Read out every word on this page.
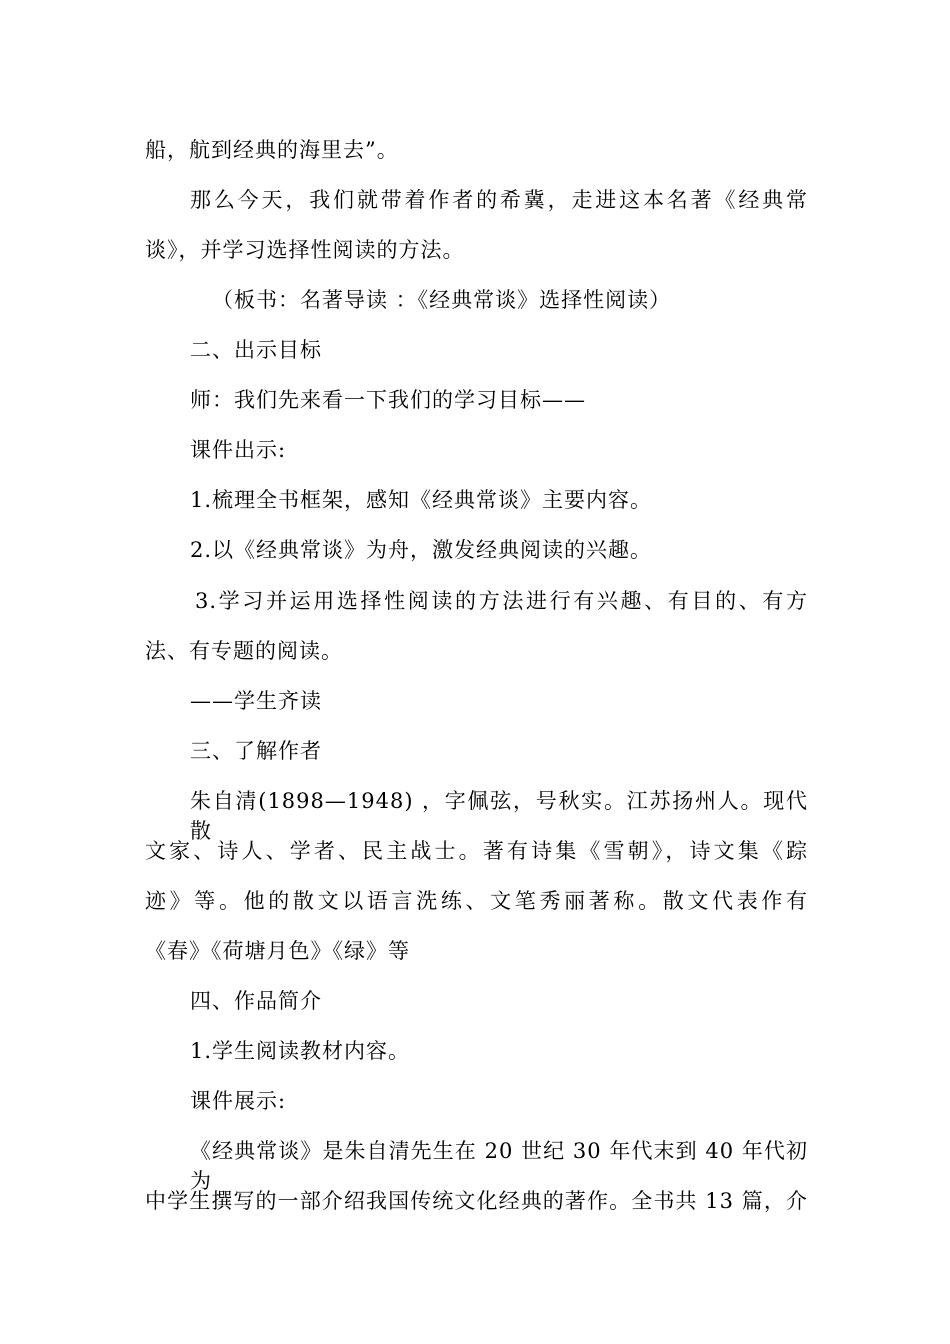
船，航到经典的海里去”。
那么今天，我们就带着作者的希冀，走进这本名著《经典常
谈》，并学习选择性阅读的方法。
（板书：名著导读 ：《经典常谈》选择性阅读）
二、出示目标
师：我们先来看一下我们的学习目标——
课件出示:
1.梳理全书框架，感知《经典常谈》主要内容。
2.以《经典常谈》为舟，激发经典阅读的兴趣。
3.学习并运用选择性阅读的方法进行有兴趣、有目的、有方
法、有专题的阅读。
——学生齐读
三、了解作者
朱自清(1898—1948) ，字佩弦，号秋实。江苏扬州人。现代散
文家、诗人、学者、民主战士。著有诗集《雪朝》，诗文集《踪
迹》等。他的散文以语言洗练、文笔秀丽著称。散文代表作有
《春》《荷塘月色》《绿》等
四、作品简介
1.学生阅读教材内容。
课件展示:
《经典常谈》是朱自清先生在 20 世纪 30 年代末到 40 年代初为
中学生撰写的一部介绍我国传统文化经典的著作。全书共 13 篇，介
